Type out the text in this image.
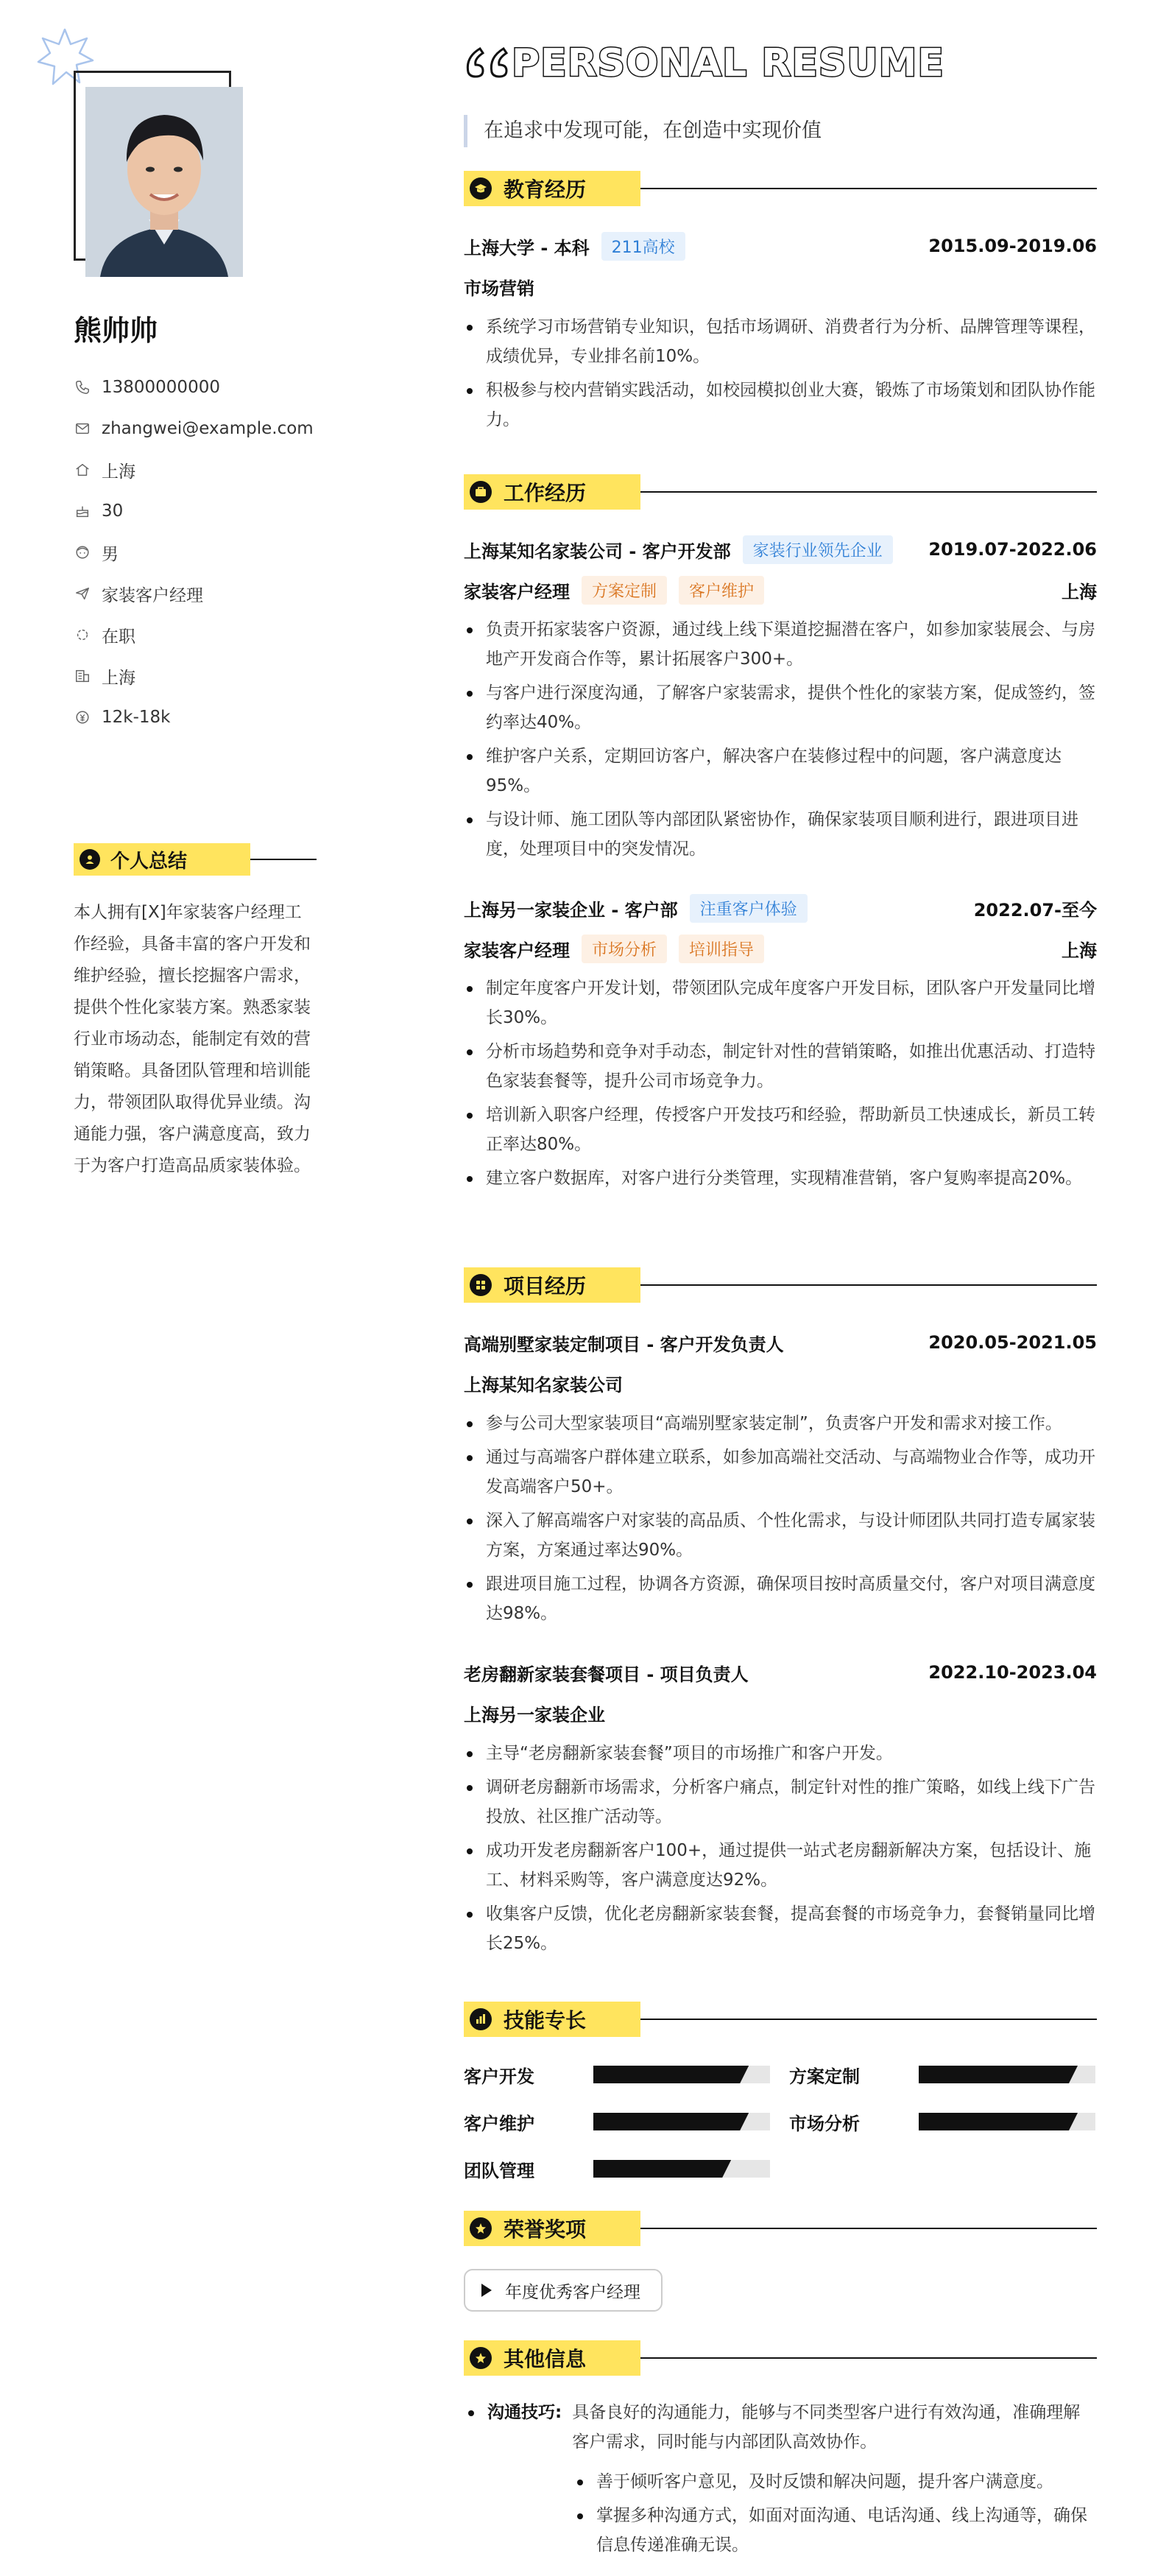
熊帅帅
13800000000
zhangwei@example.com
上海
30
男
家装客户经理
在职
上海
12k-18k
个人总结
本人拥有[X]年家装客户经理工作经验，具备丰富的客户开发和维护经验，擅长挖掘客户需求，提供个性化家装方案。熟悉家装行业市场动态，能制定有效的营销策略。具备团队管理和培训能力，带领团队取得优异业绩。沟通能力强，客户满意度高，致力于为客户打造高品质家装体验。
PERSONAL RESUME
在追求中发现可能，在创造中实现价值
教育经历
上海大学 - 本科	211高校	2015.09-2019.06
市场营销
系统学习市场营销专业知识，包括市场调研、消费者行为分析、品牌管理等课程，成绩优异，专业排名前10%。
积极参与校内营销实践活动，如校园模拟创业大赛，锻炼了市场策划和团队协作能力。
工作经历
上海某知名家装公司 - 客户开发部	家装行业领先企业	2019.07-2022.06
家装客户经理	方案定制	客户维护	上海
负责开拓家装客户资源，通过线上线下渠道挖掘潜在客户，如参加家装展会、与房地产开发商合作等，累计拓展客户300+。
与客户进行深度沟通，了解客户家装需求，提供个性化的家装方案，促成签约，签约率达40%。
维护客户关系，定期回访客户，解决客户在装修过程中的问题，客户满意度达95%。
与设计师、施工团队等内部团队紧密协作，确保家装项目顺利进行，跟进项目进度，处理项目中的突发情况。
上海另一家装企业 - 客户部	注重客户体验	2022.07-至今
家装客户经理	市场分析	培训指导	上海
制定年度客户开发计划，带领团队完成年度客户开发目标，团队客户开发量同比增长30%。
分析市场趋势和竞争对手动态，制定针对性的营销策略，如推出优惠活动、打造特色家装套餐等，提升公司市场竞争力。
培训新入职客户经理，传授客户开发技巧和经验，帮助新员工快速成长，新员工转正率达80%。
建立客户数据库，对客户进行分类管理，实现精准营销，客户复购率提高20%。
项目经历
高端别墅家装定制项目 - 客户开发负责人	2020.05-2021.05
上海某知名家装公司
参与公司大型家装项目“高端别墅家装定制”，负责客户开发和需求对接工作。
通过与高端客户群体建立联系，如参加高端社交活动、与高端物业合作等，成功开发高端客户50+。
深入了解高端客户对家装的高品质、个性化需求，与设计师团队共同打造专属家装方案，方案通过率达90%。
跟进项目施工过程，协调各方资源，确保项目按时高质量交付，客户对项目满意度达98%。
老房翻新家装套餐项目 - 项目负责人	2022.10-2023.04
上海另一家装企业
主导“老房翻新家装套餐”项目的市场推广和客户开发。
调研老房翻新市场需求，分析客户痛点，制定针对性的推广策略，如线上线下广告投放、社区推广活动等。
成功开发老房翻新客户100+，通过提供一站式老房翻新解决方案，包括设计、施工、材料采购等，客户满意度达92%。
收集客户反馈，优化老房翻新家装套餐，提高套餐的市场竞争力，套餐销量同比增长25%。
技能专长
客户开发	方案定制
客户维护	市场分析
团队管理
荣誉奖项
年度优秀客户经理
其他信息
沟通技巧: 具备良好的沟通能力，能够与不同类型客户进行有效沟通，准确理解客户需求，同时能与内部团队高效协作。
善于倾听客户意见，及时反馈和解决问题，提升客户满意度。
掌握多种沟通方式，如面对面沟通、电话沟通、线上沟通等，确保信息传递准确无误。
